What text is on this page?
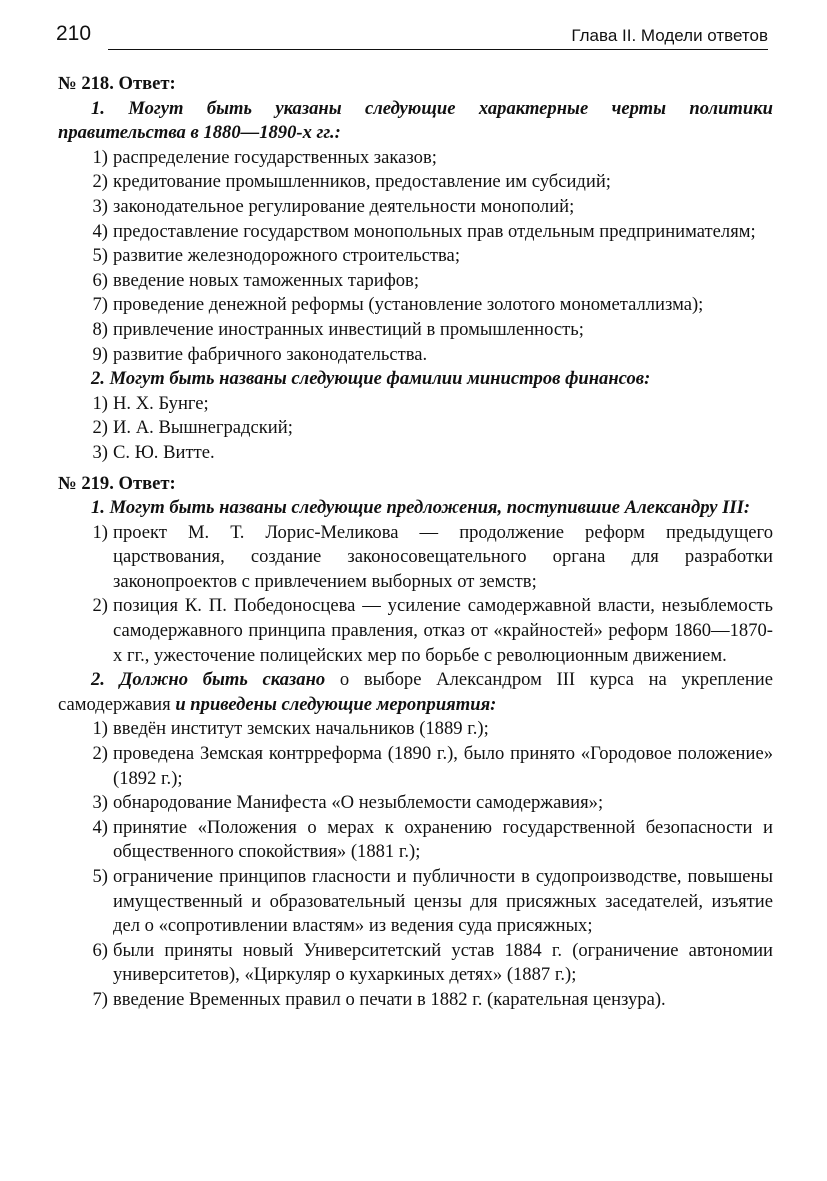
210	Глава II. Модели ответов
№ 218. Ответ:
1. Могут быть указаны следующие характерные черты политики правительства в 1880—1890-х гг.:
1) распределение государственных заказов;
2) кредитование промышленников, предоставление им субсидий;
3) законодательное регулирование деятельности монополий;
4) предоставление государством монопольных прав отдельным предпринимателям;
5) развитие железнодорожного строительства;
6) введение новых таможенных тарифов;
7) проведение денежной реформы (установление золотого монометаллизма);
8) привлечение иностранных инвестиций в промышленность;
9) развитие фабричного законодательства.
2. Могут быть названы следующие фамилии министров финансов:
1) Н. Х. Бунге;
2) И. А. Вышнеградский;
3) С. Ю. Витте.
№ 219. Ответ:
1. Могут быть названы следующие предложения, поступившие Александру III:
1) проект М. Т. Лорис-Меликова — продолжение реформ предыдущего царствования, создание законосовещательного органа для разработки законопроектов с привлечением выборных от земств;
2) позиция К. П. Победоносцева — усиление самодержавной власти, незыблемость самодержавного принципа правления, отказ от «крайностей» реформ 1860—1870-х гг., ужесточение полицейских мер по борьбе с революционным движением.
2. Должно быть сказано о выборе Александром III курса на укрепление самодержавия и приведены следующие мероприятия:
1) введён институт земских начальников (1889 г.);
2) проведена Земская контрреформа (1890 г.), было принято «Городовое положение» (1892 г.);
3) обнародование Манифеста «О незыблемости самодержавия»;
4) принятие «Положения о мерах к охранению государственной безопасности и общественного спокойствия» (1881 г.);
5) ограничение принципов гласности и публичности в судопроизводстве, повышены имущественный и образовательный цензы для присяжных заседателей, изъятие дел о «сопротивлении властям» из ведения суда присяжных;
6) были приняты новый Университетский устав 1884 г. (ограничение автономии университетов), «Циркуляр о кухаркиных детях» (1887 г.);
7) введение Временных правил о печати в 1882 г. (карательная цензура).
